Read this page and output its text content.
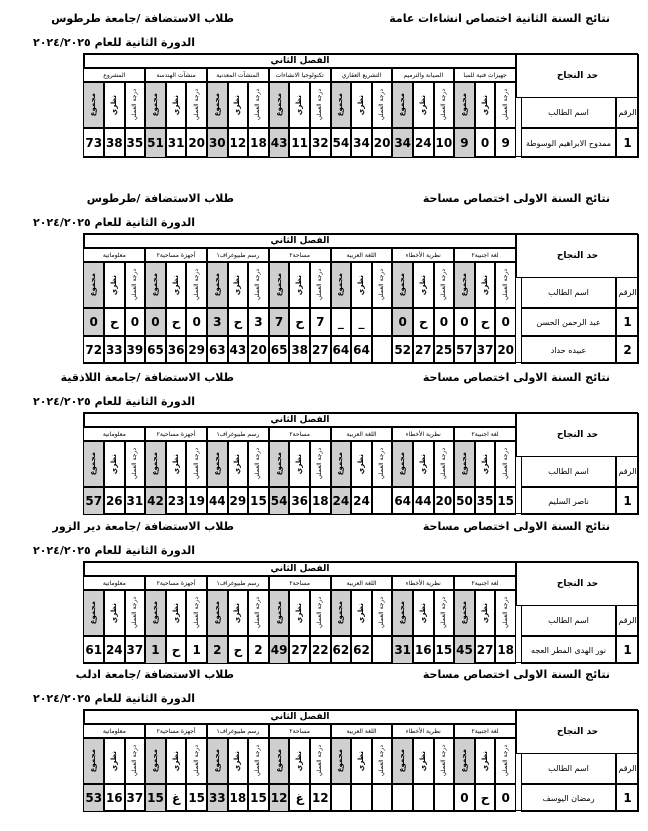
نتائج السنة الثانية اختصاص انشاءات عامة
طلاب الاستضافة /جامعة طرطوس
الدورة الثانية للعام ٢٠٢٤/٢٠٢٥
الفصل الثاني
حد النجاح
الرقم
اسم الطالب
جهيزات فنية للمبا
درجة العملي
نظري
مجموع
الصيانة والترميم
درجة العملي
نظري
مجموع
التشريع العقاري
درجة العملي
نظري
مجموع
تكنولوجيا الانشاءات
درجة العملي
نظري
مجموع
المنشآت المعدنية
درجة العملي
نظري
مجموع
منشآت الهندسة
درجة العملي
نظري
مجموع
المشروع
درجة العملي
نظري
مجموع
1
ممدوح الابراهيم الوسوطة
9
0
9
10
24
34
20
34
54
32
11
43
18
12
30
20
31
51
35
38
73
نتائج السنة الاولى اختصاص مساحة
طلاب الاستضافة /طرطوس
الدورة الثانية للعام ٢٠٢٤/٢٠٢٥
الفصل الثاني
حد النجاح
الرقم
اسم الطالب
لغة اجنبية٢
درجة العملي
نظري
مجموع
نظرية الأخطاء
درجة العملي
نظري
مجموع
اللغة العربية
درجة العملي
نظري
مجموع
مساحة٢
درجة العملي
نظري
مجموع
رسم طبيوغراف١
درجة العملي
نظري
مجموع
أجهزة مساحية٢
درجة العملي
نظري
مجموع
معلوماتية
درجة العملي
نظري
مجموع
1
عبد الرحمن الحسن
0
ح
0
0
ح
0
_
_
7
ح
7
3
ح
3
0
ح
0
0
ح
0
2
عبيده حداد
20
37
57
25
27
52
64
64
27
38
65
20
43
63
29
36
65
39
33
72
نتائج السنة الاولى اختصاص مساحة
طلاب الاستضافة /جامعة اللاذقية
الدورة الثانية للعام ٢٠٢٤/٢٠٢٥
الفصل الثاني
حد النجاح
الرقم
اسم الطالب
لغة اجنبية٢
درجة العملي
نظري
مجموع
نظرية الأخطاء
درجة العملي
نظري
مجموع
اللغة العربية
درجة العملي
نظري
مجموع
مساحة٢
درجة العملي
نظري
مجموع
رسم طبيوغراف١
درجة العملي
نظري
مجموع
أجهزة مساحية٢
درجة العملي
نظري
مجموع
معلوماتية
درجة العملي
نظري
مجموع
1
ناصر السليم
15
35
50
20
44
64
24
24
18
36
54
15
29
44
19
23
42
31
26
57
نتائج السنة الاولى اختصاص مساحة
طلاب الاستضافة /جامعة دير الزور
الدورة الثانية للعام ٢٠٢٤/٢٠٢٥
الفصل الثاني
حد النجاح
الرقم
اسم الطالب
لغة اجنبية٢
درجة العملي
نظري
مجموع
نظرية الأخطاء
درجة العملي
نظري
مجموع
اللغة العربية
درجة العملي
نظري
مجموع
مساحة٢
درجة العملي
نظري
مجموع
رسم طبيوغراف١
درجة العملي
نظري
مجموع
أجهزة مساحية٢
درجة العملي
نظري
مجموع
معلوماتية
درجة العملي
نظري
مجموع
1
نور الهدى المطر العجه
18
27
45
15
16
31
62
62
22
27
49
2
ح
2
1
ح
1
37
24
61
نتائج السنة الاولى اختصاص مساحة
طلاب الاستضافة /جامعة ادلب
الدورة الثانية للعام ٢٠٢٤/٢٠٢٥
الفصل الثاني
حد النجاح
الرقم
اسم الطالب
لغة اجنبية٢
درجة العملي
نظري
مجموع
نظرية الأخطاء
درجة العملي
نظري
مجموع
اللغة العربية
درجة العملي
نظري
مجموع
مساحة٢
درجة العملي
نظري
مجموع
رسم طبيوغراف١
درجة العملي
نظري
مجموع
أجهزة مساحية٢
درجة العملي
نظري
مجموع
معلوماتية
درجة العملي
نظري
مجموع
1
رمضان اليوسف
0
ح
0
12
غ
12
15
18
33
15
غ
15
37
16
53
